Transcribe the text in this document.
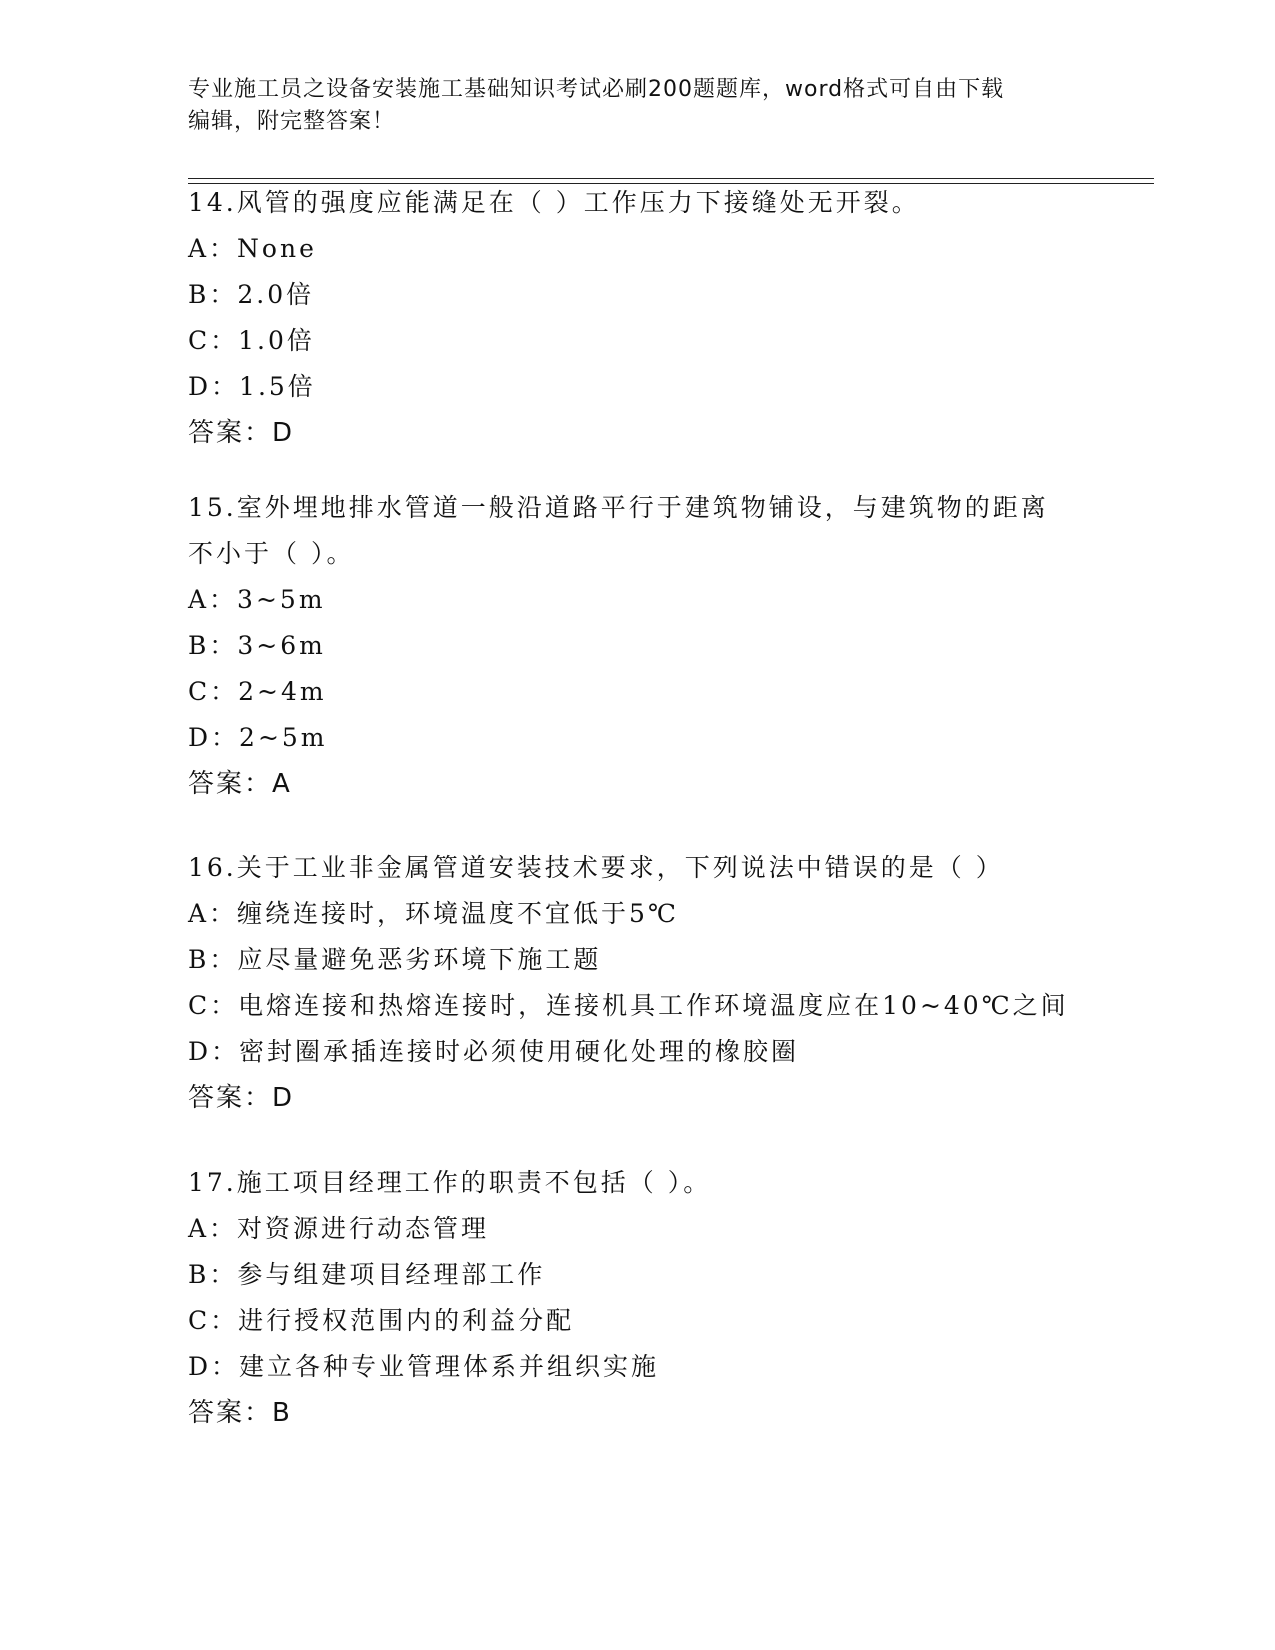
专业施工员之设备安装施工基础知识考试必刷200题题库，word格式可自由下载
编辑，附完整答案！
14.风管的强度应能满足在（ ）工作压力下接缝处无开裂。
A：None
B：2.0倍
C：1.0倍
D：1.5倍
答案：D
15.室外埋地排水管道一般沿道路平行于建筑物铺设，与建筑物的距离
不小于（ ）。
A：3~5m
B：3~6m
C：2~4m
D：2~5m
答案：A
16.关于工业非金属管道安装技术要求，下列说法中错误的是（ ）
A：缠绕连接时，环境温度不宜低于5℃
B：应尽量避免恶劣环境下施工题
C：电熔连接和热熔连接时，连接机具工作环境温度应在10~40℃之间
D：密封圈承插连接时必须使用硬化处理的橡胶圈
答案：D
17.施工项目经理工作的职责不包括（ ）。
A：对资源进行动态管理
B：参与组建项目经理部工作
C：进行授权范围内的利益分配
D：建立各种专业管理体系并组织实施
答案：B
